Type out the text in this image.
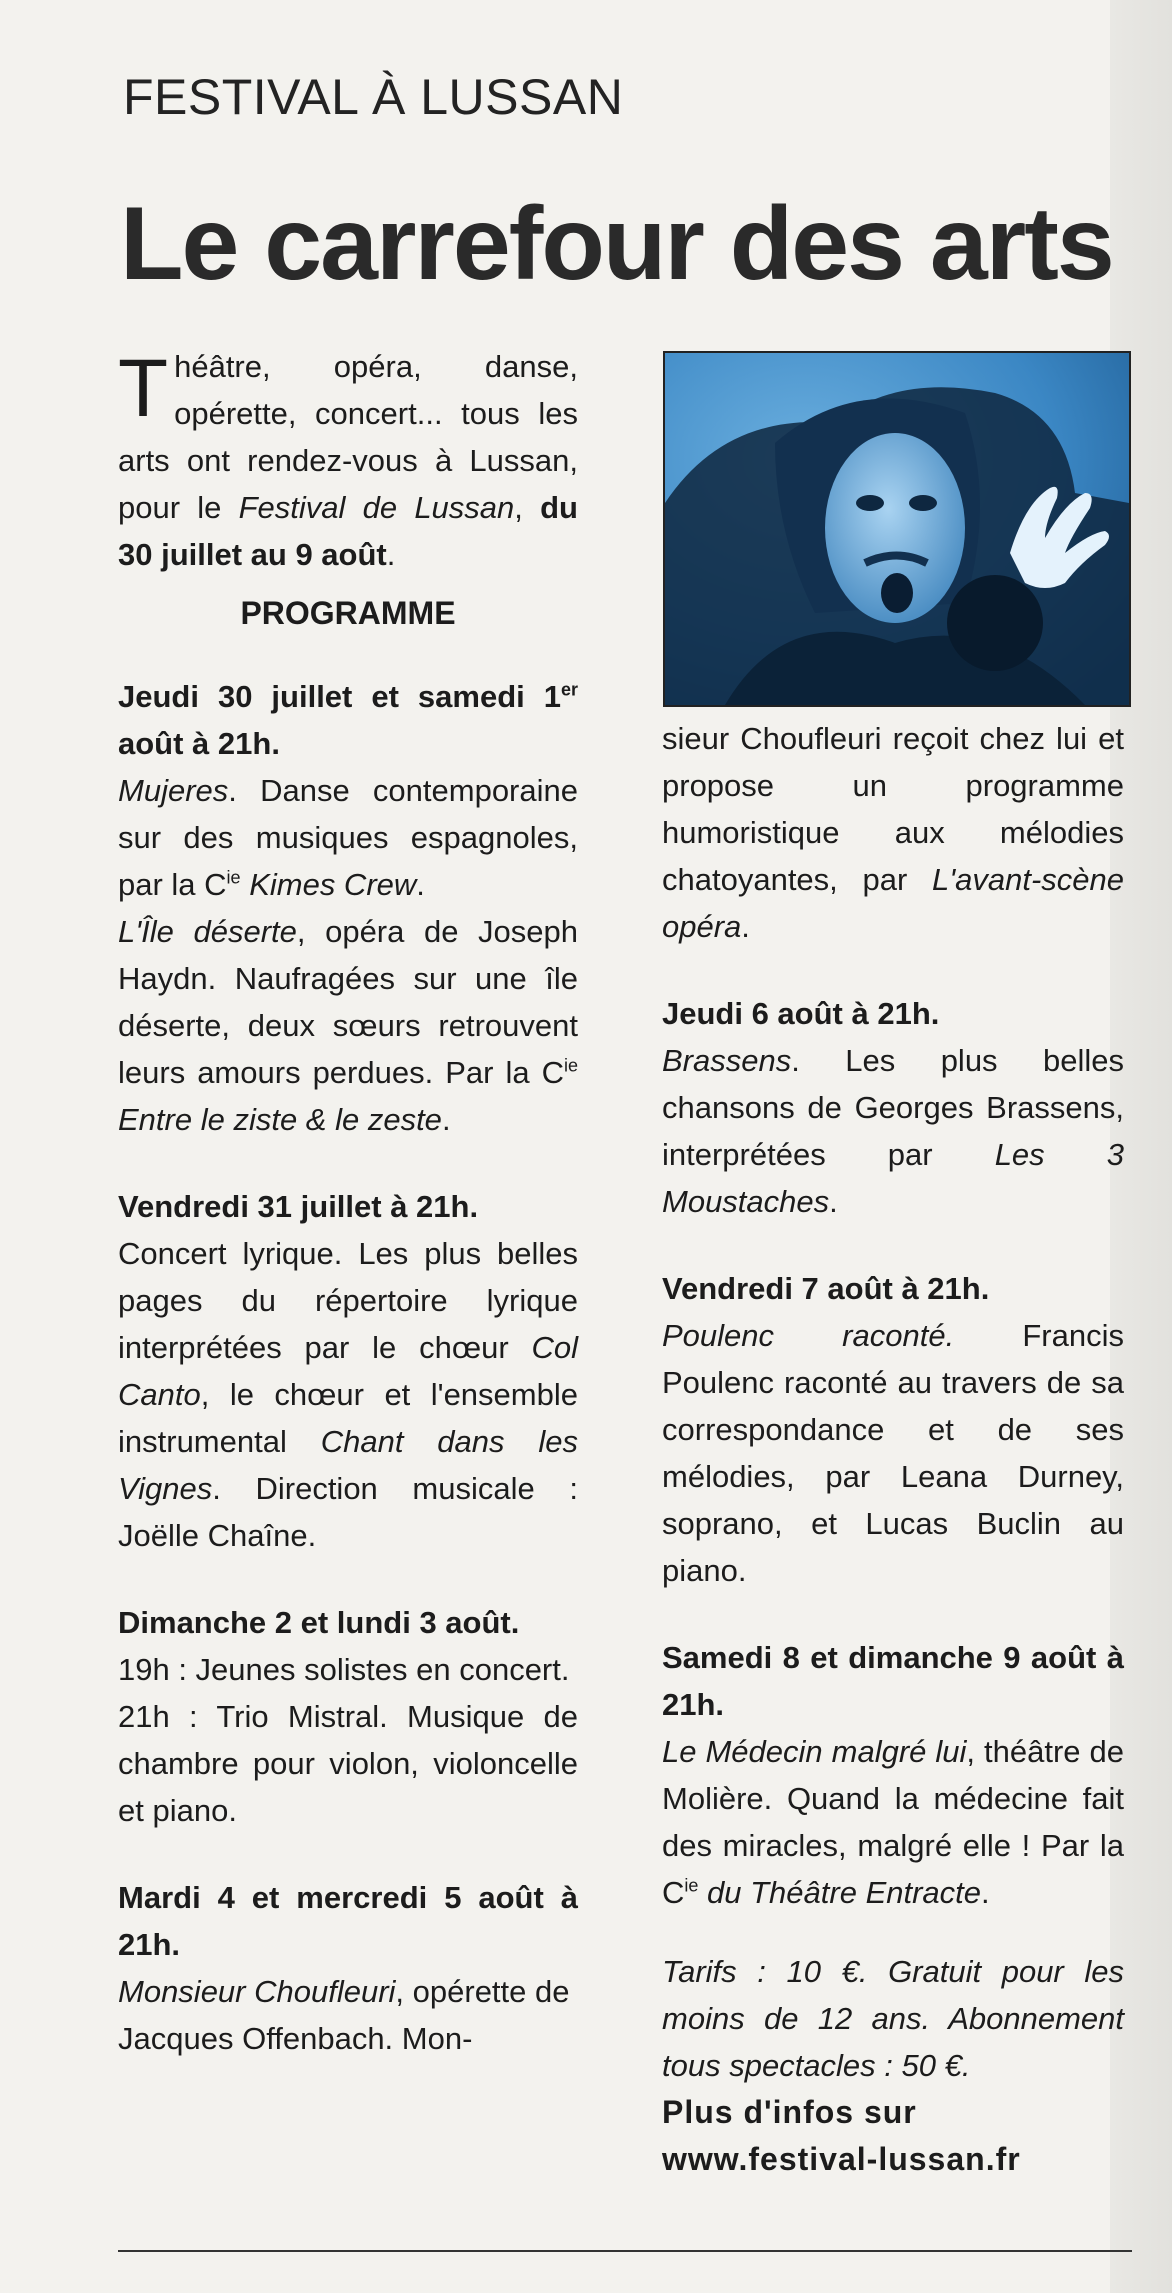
FESTIVAL À LUSSAN
Le carrefour des arts

Théâtre, opéra, danse, opérette, concert... tous les arts ont rendez-vous à Lussan, pour le Festival de Lussan, du 30 juillet au 9 août.

PROGRAMME

Jeudi 30 juillet et samedi 1er août à 21h.

Mujeres. Danse contemporaine sur des musiques espagnoles, par la $C^{ie}$ Kimes Crew.

L'Île déserte, opéra de Joseph Haydn. Naufragées sur une île déserte, deux sœurs retrouvent leurs amours perdues. Par la $C^{ie}$ Entre le ziste & le zeste.

Vendredi 31 juillet à 21h.

Concert lyrique. Les plus belles pages du répertoire lyrique interprétées par le chœur Col Canto, le chœur et l'ensemble instrumental Chant dans les Vignes. Direction musicale : Joëlle Chaîne.

Dimanche 2 et lundi 3 août.

19h : Jeunes solistes en concert.

21h : Trio Mistral. Musique de chambre pour violon, violoncelle et piano.

Mardi 4 et mercredi 5 août à 21h.

Monsieur Choufleuri, opérette de Jacques Offenbach. Mon-

sieur Choufleuri reçoit chez lui et propose un programme humoristique aux mélodies chatoyantes, par L'avant-scène opéra.

Jeudi 6 août à 21h.

Brassens. Les plus belles chansons de Georges Brassens, interprétées par Les 3 Moustaches.

Vendredi 7 août à 21h.

Poulenc raconté. Francis Poulenc raconté au travers de sa correspondance et de ses mélodies, par Leana Durney, soprano, et Lucas Buclin au piano.

Samedi 8 et dimanche 9 août à 21h.

Le Médecin malgré lui, théâtre de Molière. Quand la médecine fait des miracles, malgré elle ! Par la $C^{ie}$ du Théâtre Entracte.

Tarifs : 10 €. Gratuit pour les moins de 12 ans. Abonnement tous spectacles : 50 €.

Plus d'infos sur www.festival-lussan.fr
